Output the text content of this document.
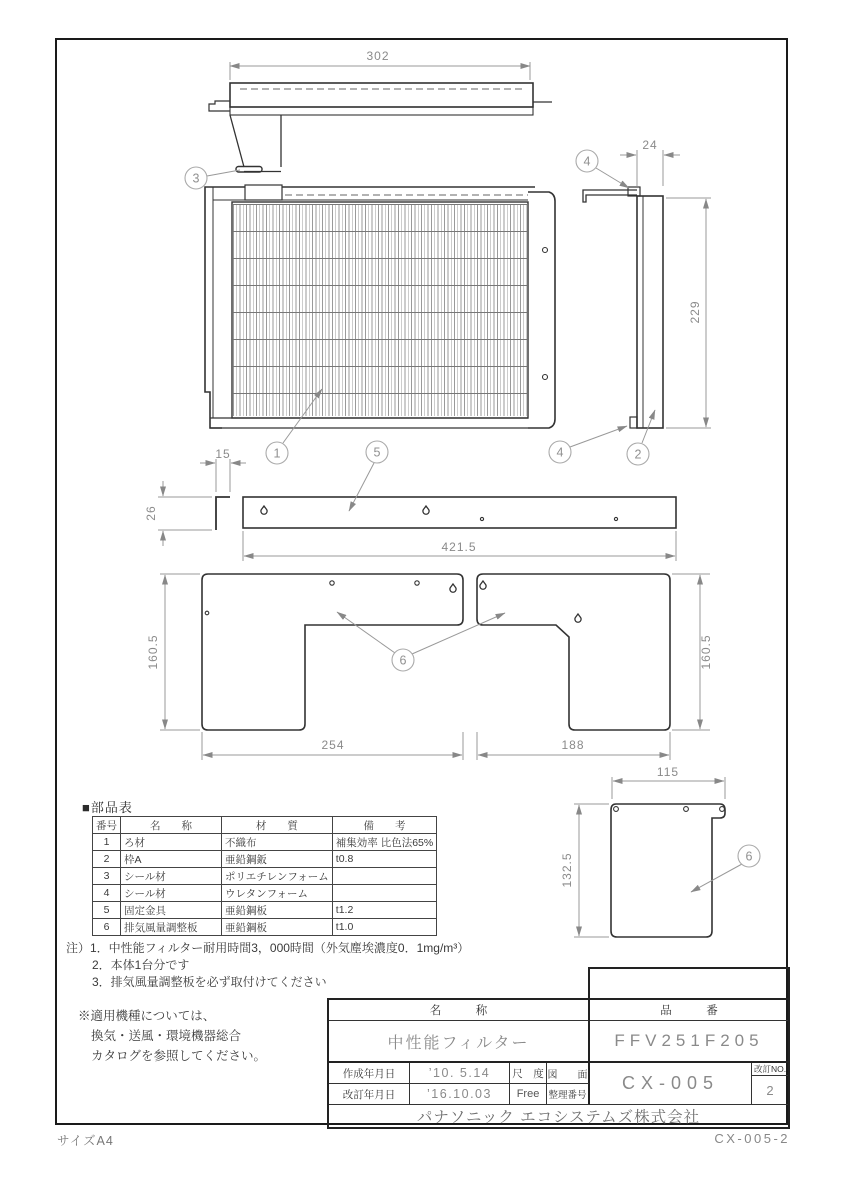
302
24
229
15
26
421.5
160.5	160.5
254	188
115
132.5
3
4
1	5	4	2
6
6
■部品表
番号	名　　称	材　　質	備　　考
1	ろ材	不織布	補集効率 比色法65%
2	枠A	亜鉛鋼鈑	t0.8
3	シール材	ポリエチレンフォーム	
4	シール材	ウレタンフォーム	
5	固定金具	亜鉛鋼板	t1.2
6	排気風量調整板	亜鉛鋼板	t1.0
注）1．中性能フィルター耐用時間3，000時間（外気塵埃濃度0．1mg/m³）
2．本体1台分です
3．排気風量調整板を必ず取付けてください
※適用機種については、
換気・送風・環境機器総合
カタログを参照してください。
名　　　称	品　　　番
中性能フィルター	FFV251F205
作成年月日	’10. 5.14	尺　度 図　　面
改訂年月日	’16.10.03	Free 整理番号
CX-005
改訂NO.
2
パナソニック エコシステムズ株式会社
サイズA4	CX-005-2
